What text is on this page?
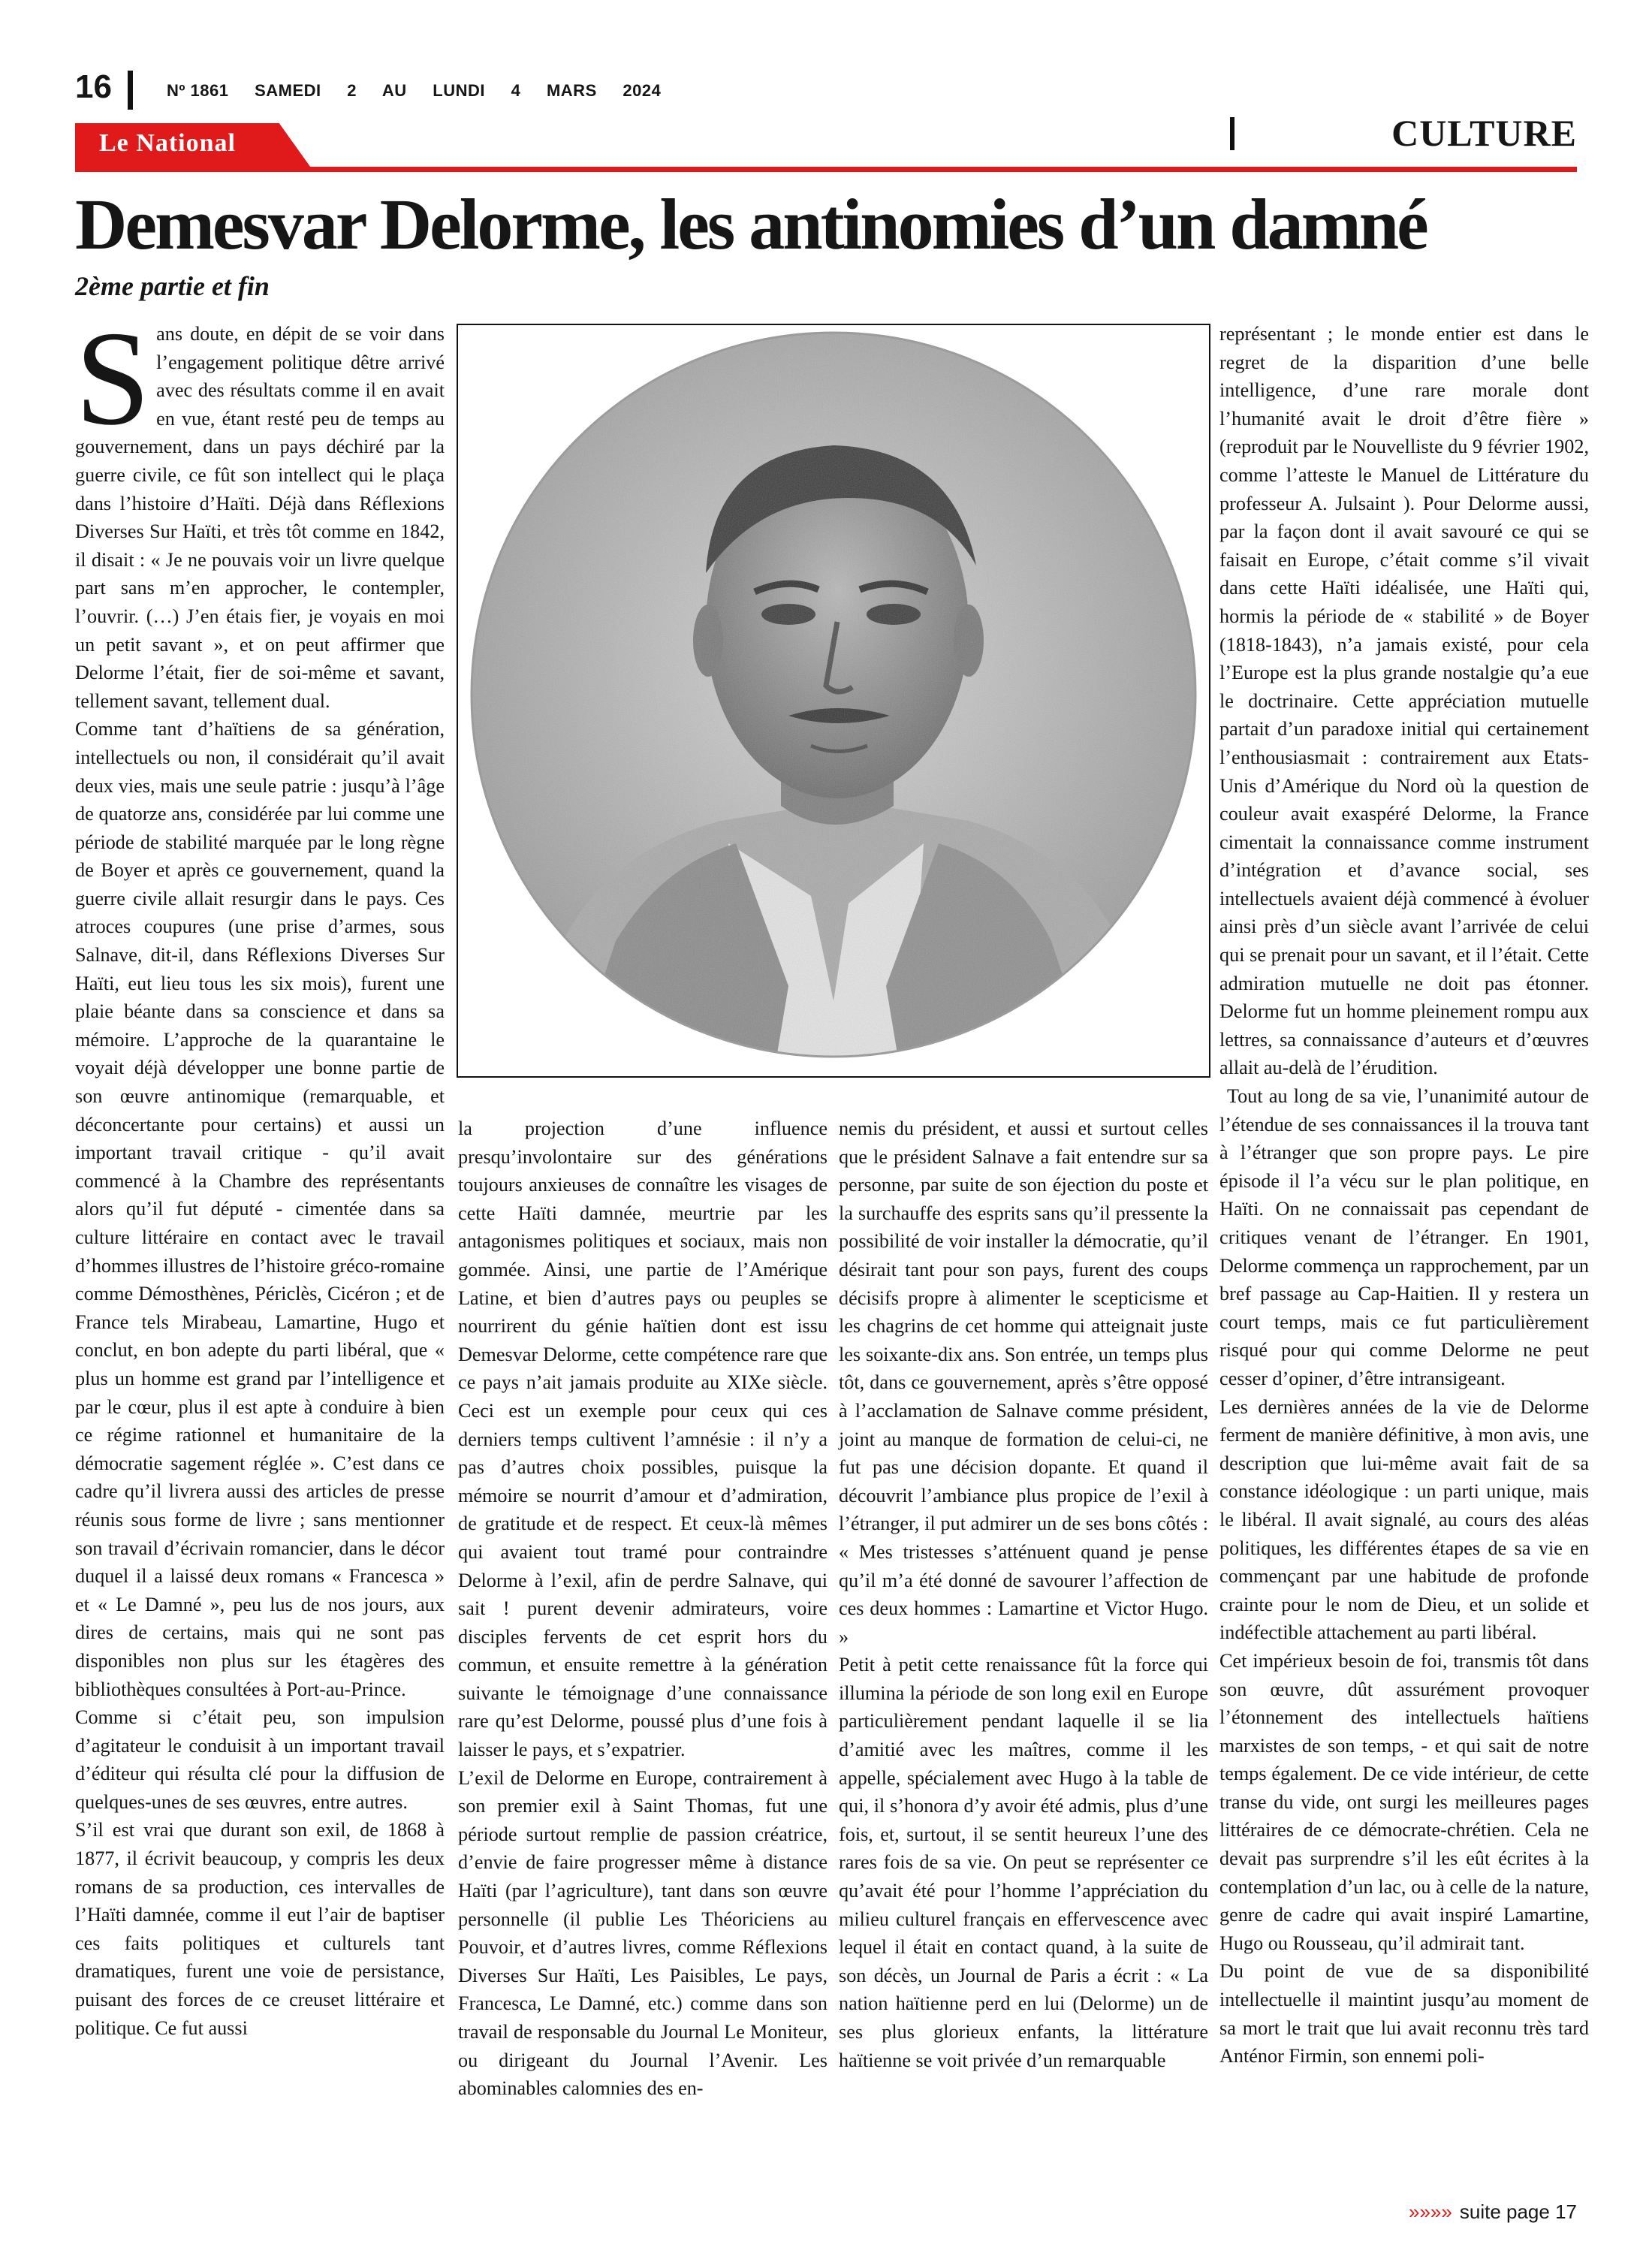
16	Nº 1861 SAMEDI 2 AU LUNDI 4 MARS 2024
Le National	CULTURE
Demesvar Delorme, les antinomies d’un damné
2ème partie et fin

Sans doute, en dépit de se voir dans l’engagement politique dêtre arrivé avec des résultats comme il en avait en vue, étant resté peu de temps au gouvernement, dans un pays déchiré par la guerre civile, ce fût son intellect qui le plaça dans l’histoire d’Haïti. Déjà dans Réflexions Diverses Sur Haïti, et très tôt comme en 1842, il disait : « Je ne pouvais voir un livre quelque part sans m’en approcher, le contempler, l’ouvrir. (…) J’en étais fier, je voyais en moi un petit savant », et on peut affirmer que Delorme l’était, fier de soi-même et savant, tellement savant, tellement dual.

Comme tant d’haïtiens de sa génération, intellectuels ou non, il considérait qu’il avait deux vies, mais une seule patrie : jusqu’à l’âge de quatorze ans, considérée par lui comme une période de stabilité marquée par le long règne de Boyer et après ce gouvernement, quand la guerre civile allait resurgir dans le pays. Ces atroces coupures (une prise d’armes, sous Salnave, dit-il, dans Réflexions Diverses Sur Haïti, eut lieu tous les six mois), furent une plaie béante dans sa conscience et dans sa mémoire. L’approche de la quarantaine le voyait déjà développer une bonne partie de son œuvre antinomique (remarquable, et déconcertante pour certains) et aussi un important travail critique - qu’il avait commencé à la Chambre des représentants alors qu’il fut député - cimentée dans sa culture littéraire en contact avec le travail d’hommes illustres de l’histoire gréco-romaine comme Démosthènes, Périclès, Cicéron ; et de France tels Mirabeau, Lamartine, Hugo et conclut, en bon adepte du parti libéral, que « plus un homme est grand par l’intelligence et par le cœur, plus il est apte à conduire à bien ce régime rationnel et humanitaire de la démocratie sagement réglée ». C’est dans ce cadre qu’il livrera aussi des articles de presse réunis sous forme de livre ; sans mentionner son travail d’écrivain romancier, dans le décor duquel il a laissé deux romans « Francesca » et « Le Damné », peu lus de nos jours, aux dires de certains, mais qui ne sont pas disponibles non plus sur les étagères des bibliothèques consultées à Port-au-Prince.

Comme si c’était peu, son impulsion d’agitateur le conduisit à un important travail d’éditeur qui résulta clé pour la diffusion de quelques-unes de ses œuvres, entre autres.

S’il est vrai que durant son exil, de 1868 à 1877, il écrivit beaucoup, y compris les deux romans de sa production, ces intervalles de l’Haïti damnée, comme il eut l’air de baptiser ces faits politiques et culturels tant dramatiques, furent une voie de persistance, puisant des forces de ce creuset littéraire et politique. Ce fut aussi

la projection d’une influence presqu’involontaire sur des générations toujours anxieuses de connaître les visages de cette Haïti damnée, meurtrie par les antagonismes politiques et sociaux, mais non gommée. Ainsi, une partie de l’Amérique Latine, et bien d’autres pays ou peuples se nourrirent du génie haïtien dont est issu Demesvar Delorme, cette compétence rare que ce pays n’ait jamais produite au XIXe siècle. Ceci est un exemple pour ceux qui ces derniers temps cultivent l’amnésie : il n’y a pas d’autres choix possibles, puisque la mémoire se nourrit d’amour et d’admiration, de gratitude et de respect. Et ceux-là mêmes qui avaient tout tramé pour contraindre Delorme à l’exil, afin de perdre Salnave, qui sait ! purent devenir admirateurs, voire disciples fervents de cet esprit hors du commun, et ensuite remettre à la génération suivante le témoignage d’une connaissance rare qu’est Delorme, poussé plus d’une fois à laisser le pays, et s’expatrier.

L’exil de Delorme en Europe, contrairement à son premier exil à Saint Thomas, fut une période surtout remplie de passion créatrice, d’envie de faire progresser même à distance Haïti (par l’agriculture), tant dans son œuvre personnelle (il publie Les Théoriciens au Pouvoir, et d’autres livres, comme Réflexions Diverses Sur Haïti, Les Paisibles, Le pays, Francesca, Le Damné, etc.) comme dans son travail de responsable du Journal Le Moniteur, ou dirigeant du Journal l’Avenir. Les abominables calomnies des en-

nemis du président, et aussi et surtout celles que le président Salnave a fait entendre sur sa personne, par suite de son éjection du poste et la surchauffe des esprits sans qu’il pressente la possibilité de voir installer la démocratie, qu’il désirait tant pour son pays, furent des coups décisifs propre à alimenter le scepticisme et les chagrins de cet homme qui atteignait juste les soixante-dix ans. Son entrée, un temps plus tôt, dans ce gouvernement, après s’être opposé à l’acclamation de Salnave comme président, joint au manque de formation de celui-ci, ne fut pas une décision dopante. Et quand il découvrit l’ambiance plus propice de l’exil à l’étranger, il put admirer un de ses bons côtés : « Mes tristesses s’atténuent quand je pense qu’il m’a été donné de savourer l’affection de ces deux hommes : Lamartine et Victor Hugo. »

Petit à petit cette renaissance fût la force qui illumina la période de son long exil en Europe particulièrement pendant laquelle il se lia d’amitié avec les maîtres, comme il les appelle, spécialement avec Hugo à la table de qui, il s’honora d’y avoir été admis, plus d’une fois, et, surtout, il se sentit heureux l’une des rares fois de sa vie. On peut se représenter ce qu’avait été pour l’homme l’appréciation du milieu culturel français en effervescence avec lequel il était en contact quand, à la suite de son décès, un Journal de Paris a écrit : « La nation haïtienne perd en lui (Delorme) un de ses plus glorieux enfants, la littérature haïtienne se voit privée d’un remarquable

représentant ; le monde entier est dans le regret de la disparition d’une belle intelligence, d’une rare morale dont l’humanité avait le droit d’être fière » (reproduit par le Nouvelliste du 9 février 1902, comme l’atteste le Manuel de Littérature du professeur A. Julsaint ). Pour Delorme aussi, par la façon dont il avait savouré ce qui se faisait en Europe, c’était comme s’il vivait dans cette Haïti idéalisée, une Haïti qui, hormis la période de « stabilité » de Boyer (1818-1843), n’a jamais existé, pour cela l’Europe est la plus grande nostalgie qu’a eue le doctrinaire. Cette appréciation mutuelle partait d’un paradoxe initial qui certainement l’enthousiasmait : contrairement aux Etats-Unis d’Amérique du Nord où la question de couleur avait exaspéré Delorme, la France cimentait la connaissance comme instrument d’intégration et d’avance social, ses intellectuels avaient déjà commencé à évoluer ainsi près d’un siècle avant l’arrivée de celui qui se prenait pour un savant, et il l’était. Cette admiration mutuelle ne doit pas étonner. Delorme fut un homme pleinement rompu aux lettres, sa connaissance d’auteurs et d’œuvres allait au-delà de l’érudition.

Tout au long de sa vie, l’unanimité autour de l’étendue de ses connaissances il la trouva tant à l’étranger que son propre pays. Le pire épisode il l’a vécu sur le plan politique, en Haïti. On ne connaissait pas cependant de critiques venant de l’étranger. En 1901, Delorme commença un rapprochement, par un bref passage au Cap-Haitien. Il y restera un court temps, mais ce fut particulièrement risqué pour qui comme Delorme ne peut cesser d’opiner, d’être intransigeant.

Les dernières années de la vie de Delorme ferment de manière définitive, à mon avis, une description que lui-même avait fait de sa constance idéologique : un parti unique, mais le libéral. Il avait signalé, au cours des aléas politiques, les différentes étapes de sa vie en commençant par une habitude de profonde crainte pour le nom de Dieu, et un solide et indéfectible attachement au parti libéral.

Cet impérieux besoin de foi, transmis tôt dans son œuvre, dût assurément provoquer l’étonnement des intellectuels haïtiens marxistes de son temps, - et qui sait de notre temps également. De ce vide intérieur, de cette transe du vide, ont surgi les meilleures pages littéraires de ce démocrate-chrétien. Cela ne devait pas surprendre s’il les eût écrites à la contemplation d’un lac, ou à celle de la nature, genre de cadre qui avait inspiré Lamartine, Hugo ou Rousseau, qu’il admirait tant.

Du point de vue de sa disponibilité intellectuelle il maintint jusqu’au moment de sa mort le trait que lui avait reconnu très tard Anténor Firmin, son ennemi poli-

»»»» suite page 17
